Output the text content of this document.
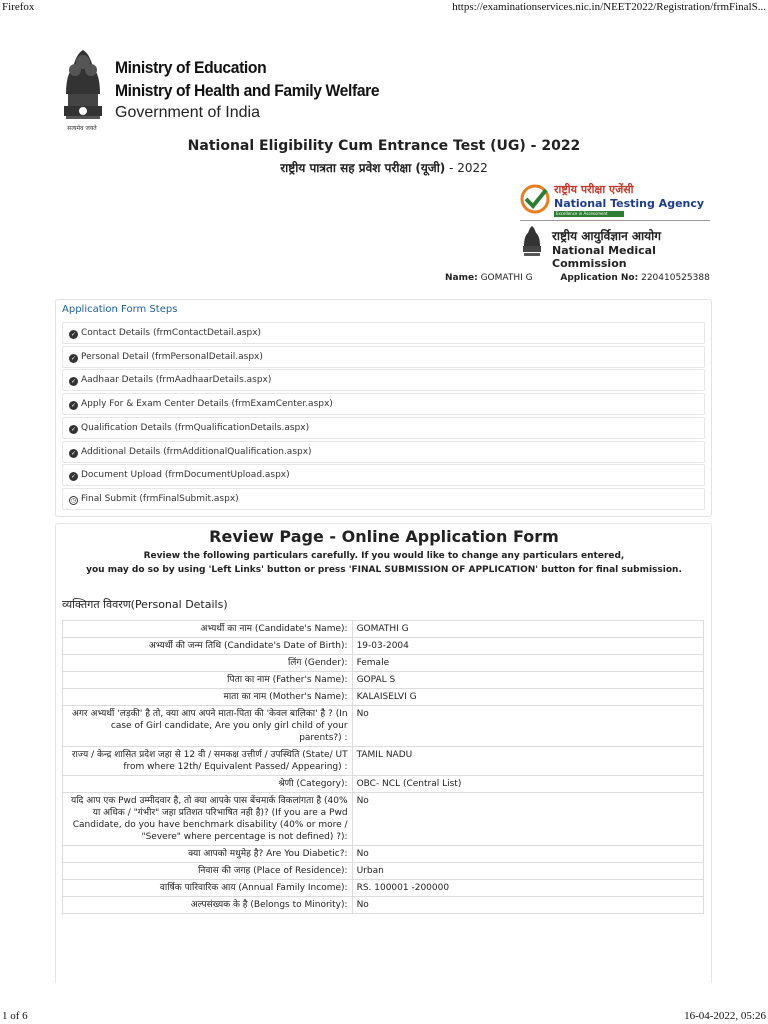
Firefox	https://examinationservices.nic.in/NEET2022/Registration/frmFinalS...
सत्यमेव जयते
Ministry of Education
Ministry of Health and Family Welfare
Government of India
National Eligibility Cum Entrance Test (UG) - 2022
राष्ट्रीय पात्रता सह प्रवेश परीक्षा (यूजी) - 2022
राष्ट्रीय परीक्षा एजेंसी
National Testing Agency
Excellence in Assessment
राष्ट्रीय आयुर्विज्ञान आयोग
National Medical Commission
Name: GOMATHI G	Application No: 220410525388
Application Form Steps
✓ Contact Details (frmContactDetail.aspx)
✓ Personal Detail (frmPersonalDetail.aspx)
✓ Aadhaar Details (frmAadhaarDetails.aspx)
✓ Apply For & Exam Center Details (frmExamCenter.aspx)
✓ Qualification Details (frmQualificationDetails.aspx)
✓ Additional Details (frmAdditionalQualification.aspx)
✓ Document Upload (frmDocumentUpload.aspx)
◷ Final Submit (frmFinalSubmit.aspx)
Review Page - Online Application Form
Review the following particulars carefully. If you would like to change any particulars entered,
you may do so by using 'Left Links' button or press 'FINAL SUBMISSION OF APPLICATION' button for final submission.
व्यक्तिगत विवरण(Personal Details)
अभ्यर्थी का नाम (Candidate's Name):	GOMATHI G
अभ्यर्थी की जन्म तिथि (Candidate's Date of Birth):	19-03-2004
लिंग (Gender):	Female
पिता का नाम (Father's Name):	GOPAL S
माता का नाम (Mother's Name):	KALAISELVI G
अगर अभ्यर्थी 'लड़की' है तो, क्या आप अपने माता-पिता की 'केवल बालिका' है ? (In case of Girl candidate, Are you only girl child of your parents?) :	No
राज्य / केन्द्र शासित प्रदेश जहा से 12 वी / समकक्ष उत्तीर्ण / उपस्थिति (State/ UT from where 12th/ Equivalent Passed/ Appearing) :	TAMIL NADU
श्रेणी (Category):	OBC- NCL (Central List)
यदि आप एक Pwd उम्मीदवार है, तो क्या आपके पास बेंचमार्क विकलांगता है (40% या अधिक / "गंभीर" जहा प्रतिशत परिभाषित नही है)? (If you are a Pwd Candidate, do you have benchmark disability (40% or more / "Severe" where percentage is not defined) ?):	No
क्या आपको मधुमेह है? Are You Diabetic?:	No
निवास की जगह (Place of Residence):	Urban
वार्षिक पारिवारिक आय (Annual Family Income):	RS. 100001 -200000
अल्पसंख्यक के है (Belongs to Minority):	No
1 of 6	16-04-2022, 05:26
